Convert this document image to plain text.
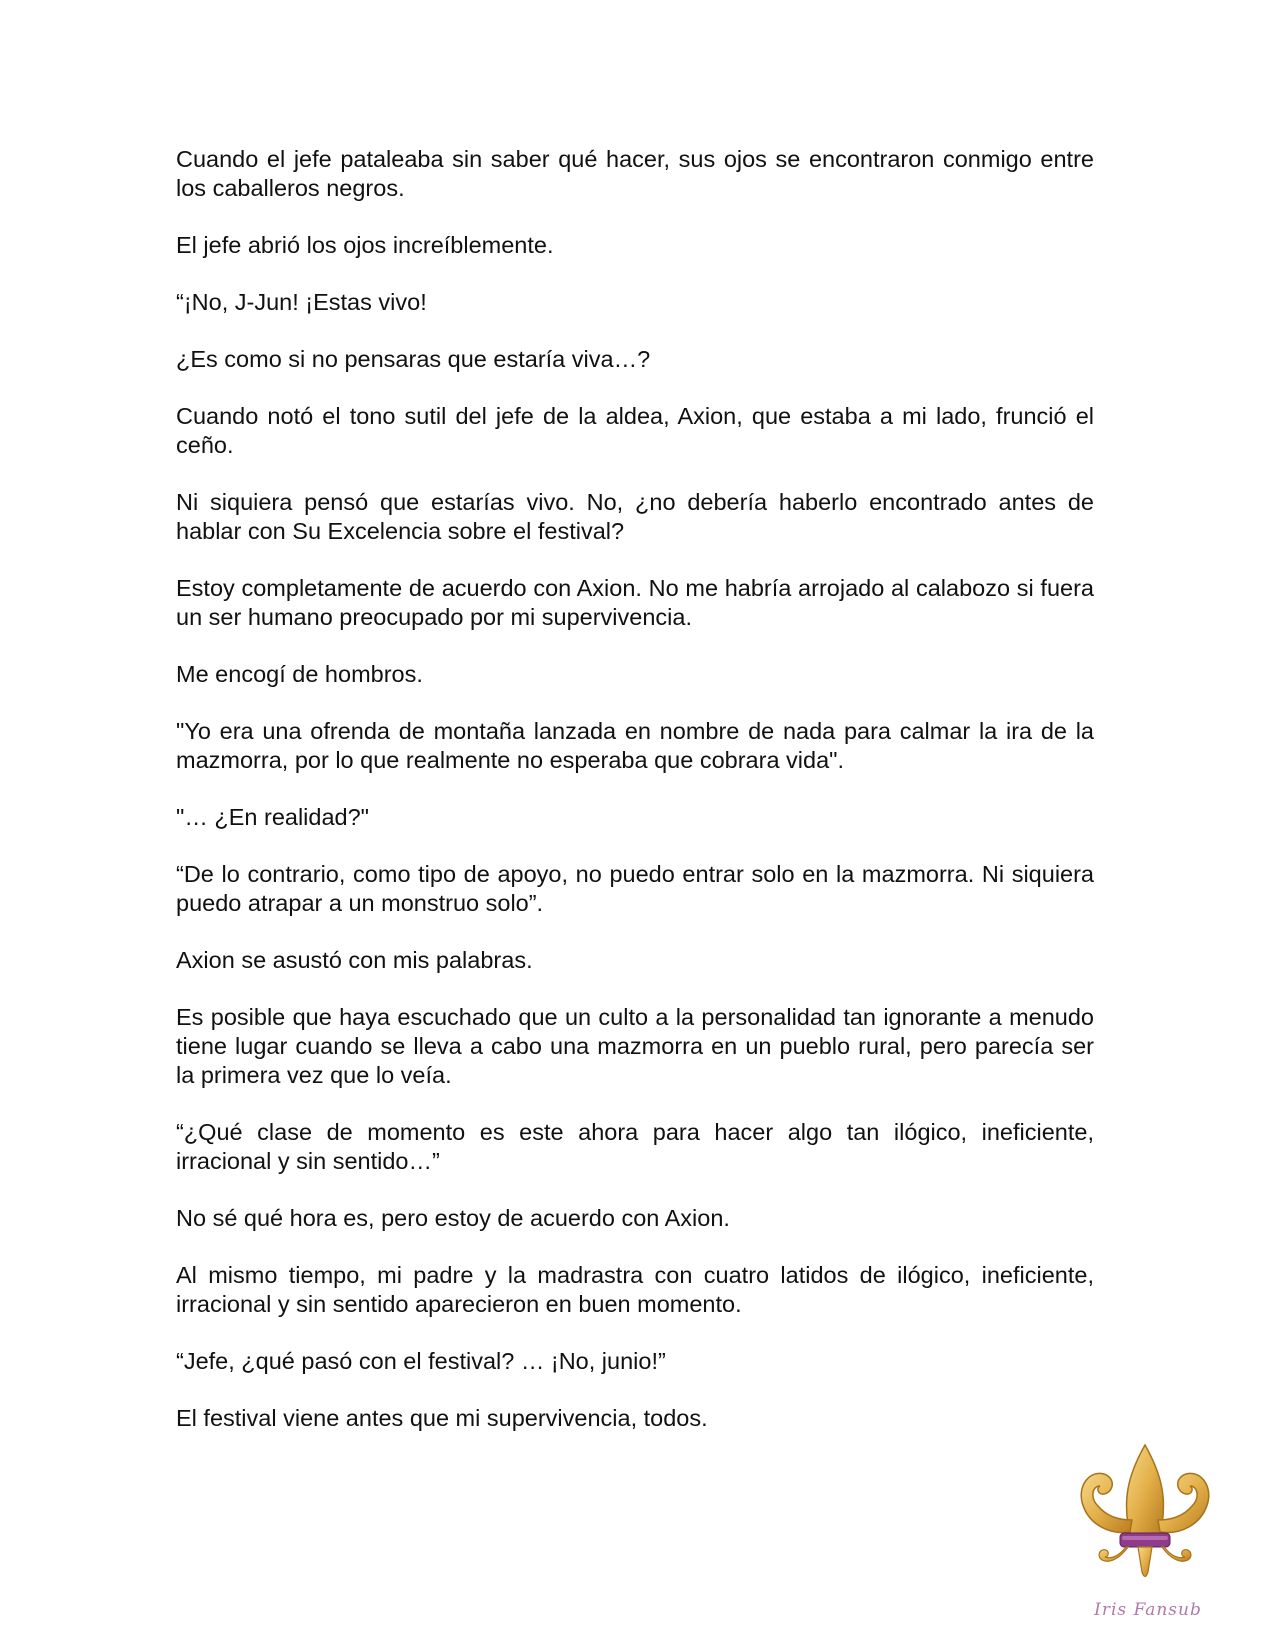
Cuando el jefe pataleaba sin saber qué hacer, sus ojos se encontraron conmigo entre los caballeros negros.

El jefe abrió los ojos increíblemente.

“¡No, J-Jun! ¡Estas vivo!

¿Es como si no pensaras que estaría viva…?

Cuando notó el tono sutil del jefe de la aldea, Axion, que estaba a mi lado, frunció el ceño.

Ni siquiera pensó que estarías vivo. No, ¿no debería haberlo encontrado antes de hablar con Su Excelencia sobre el festival?

Estoy completamente de acuerdo con Axion. No me habría arrojado al calabozo si fuera un ser humano preocupado por mi supervivencia.

Me encogí de hombros.

"Yo era una ofrenda de montaña lanzada en nombre de nada para calmar la ira de la mazmorra, por lo que realmente no esperaba que cobrara vida".

"… ¿En realidad?"

“De lo contrario, como tipo de apoyo, no puedo entrar solo en la mazmorra. Ni siquiera puedo atrapar a un monstruo solo”.

Axion se asustó con mis palabras.

Es posible que haya escuchado que un culto a la personalidad tan ignorante a menudo tiene lugar cuando se lleva a cabo una mazmorra en un pueblo rural, pero parecía ser la primera vez que lo veía.

“¿Qué clase de momento es este ahora para hacer algo tan ilógico, ineficiente, irracional y sin sentido…”

No sé qué hora es, pero estoy de acuerdo con Axion.

Al mismo tiempo, mi padre y la madrastra con cuatro latidos de ilógico, ineficiente, irracional y sin sentido aparecieron en buen momento.

“Jefe, ¿qué pasó con el festival? … ¡No, junio!”

El festival viene antes que mi supervivencia, todos.

Iris Fansub
